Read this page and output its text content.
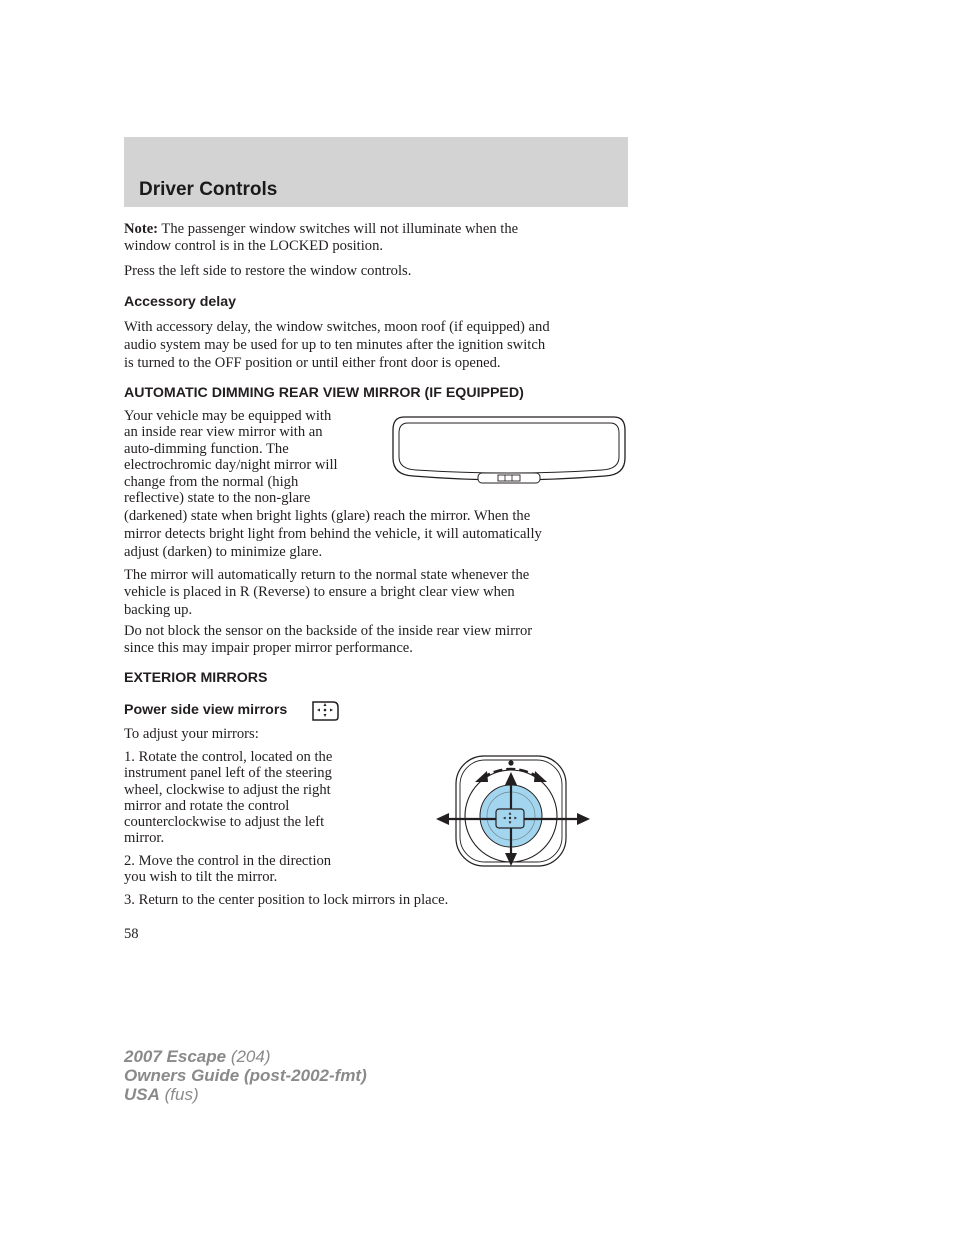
Driver Controls

Note: The passenger window switches will not illuminate when the
window control is in the LOCKED position.

Press the left side to restore the window controls.

Accessory delay

With accessory delay, the window switches, moon roof (if equipped) and
audio system may be used for up to ten minutes after the ignition switch
is turned to the OFF position or until either front door is opened.

AUTOMATIC DIMMING REAR VIEW MIRROR (IF EQUIPPED)

Your vehicle may be equipped with
an inside rear view mirror with an
auto-dimming function. The
electrochromic day/night mirror will
change from the normal (high
reflective) state to the non-glare

(darkened) state when bright lights (glare) reach the mirror. When the
mirror detects bright light from behind the vehicle, it will automatically
adjust (darken) to minimize glare.

The mirror will automatically return to the normal state whenever the
vehicle is placed in R (Reverse) to ensure a bright clear view when
backing up.

Do not block the sensor on the backside of the inside rear view mirror
since this may impair proper mirror performance.

EXTERIOR MIRRORS
Power side view mirrors

To adjust your mirrors:

1. Rotate the control, located on the
instrument panel left of the steering
wheel, clockwise to adjust the right
mirror and rotate the control
counterclockwise to adjust the left
mirror.

2. Move the control in the direction
you wish to tilt the mirror.

3. Return to the center position to lock mirrors in place.

58

2007 Escape (204)
Owners Guide (post-2002-fmt)
USA (fus)
